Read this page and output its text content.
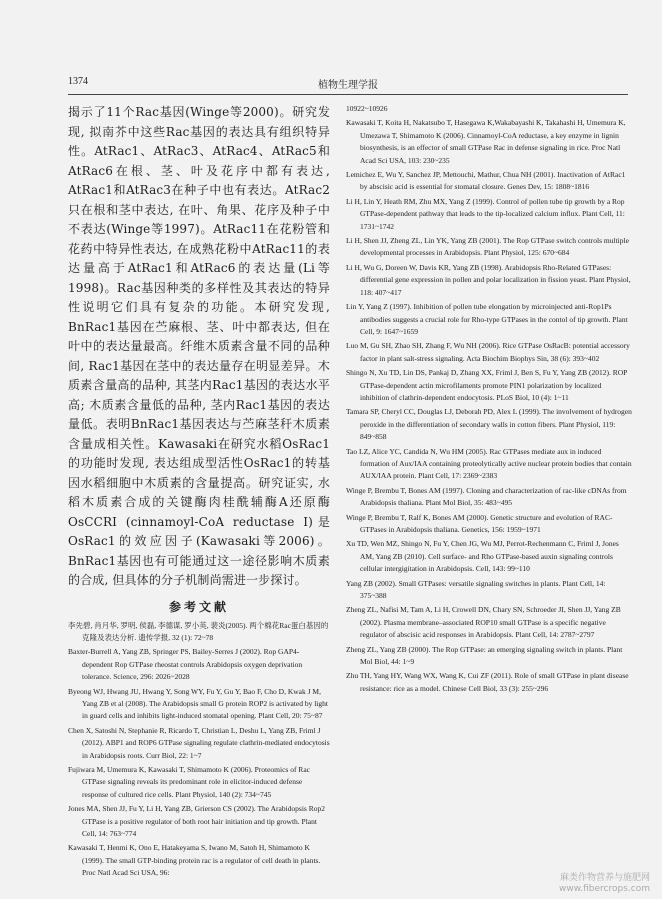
1374	植物生理学报

揭示了11个Rac基因(Winge等2000)。研究发现, 拟南芥中这些Rac基因的表达具有组织特异性。AtRac1、AtRac3、AtRac4、AtRac5和AtRac6在根、茎、叶及花序中都有表达, AtRac1和AtRac3在种子中也有表达。AtRac2只在根和茎中表达, 在叶、角果、花序及种子中不表达(Winge等1997)。AtRac11在花粉管和花药中特异性表达, 在成熟花粉中AtRac11的表达量高于AtRac1和AtRac6的表达量(Li等1998)。Rac基因种类的多样性及其表达的特异性说明它们具有复杂的功能。本研究发现, BnRac1基因在苎麻根、茎、叶中都表达, 但在叶中的表达量最高。纤维木质素含量不同的品种间, Rac1基因在茎中的表达量存在明显差异。木质素含量高的品种, 其茎内Rac1基因的表达水平高; 木质素含量低的品种, 茎内Rac1基因的表达量低。表明BnRac1基因表达与苎麻茎秆木质素含量成相关性。Kawasaki在研究水稻OsRac1的功能时发现, 表达组成型活性OsRac1的转基因水稻细胞中木质素的含量提高。研究证实, 水稻木质素合成的关键酶肉桂酰辅酶A还原酶OsCCRI (cinnamoyl-CoA reductase I)是OsRac1的效应因子(Kawasaki等2006)。BnRac1基因也有可能通过这一途径影响木质素的合成, 但具体的分子机制尚需进一步探讨。

参考文献

李先碧, 肖月华, 罗明, 侯磊, 李德谋, 罗小英, 裴炎(2005). 两个棉花Rac蛋白基因的克隆及表达分析. 遗传学报, 32 (1): 72~78

Baxter-Burrell A, Yang ZB, Springer PS, Bailey-Serres J (2002). Rop GAP4-dependent Rop GTPase rheostat controls Arabidopsis oxygen deprivation tolerance. Science, 296: 2026~2028

Byeong WJ, Hwang JU, Hwang Y, Song WY, Fu Y, Gu Y, Bao F, Cho D, Kwak J M, Yang ZB et al (2008). The Arabidopsis small G protein ROP2 is activated by light in guard cells and inhibits light-induced stomatal opening. Plant Cell, 20: 75~87

Chen X, Satoshi N, Stephanie R, Ricardo T, Christian L, Deshu L, Yang ZB, Friml J (2012). ABP1 and ROP6 GTPase signaling regulate clathrin-mediated endocytosis in Arabidopsis roots. Curr Biol, 22: 1~7

Fujiwara M, Umemura K, Kawasaki T, Shimamoto K (2006). Proteomics of Rac GTPase signaling reveals its predominant role in elicitor-induced defense response of cultured rice cells. Plant Physiol, 140 (2): 734~745

Jones MA, Shen JJ, Fu Y, Li H, Yang ZB, Grierson CS (2002). The Arabidopsis Rop2 GTPase is a positive regulator of both root hair initiation and tip growth. Plant Cell, 14: 763~774

Kawasaki T, Henmi K, Ono E, Hatakeyama S, Iwano M, Satoh H, Shimamoto K (1999). The small GTP-binding protein rac is a regulator of cell death in plants. Proc Natl Acad Sci USA, 96:

10922~10926

Kawasaki T, Koita H, Nakatsubo T, Hasegawa K,Wakabayashi K, Takahashi H, Umemura K, Umezawa T, Shimamoto K (2006). Cinnamoyl-CoA reductase, a key enzyme in lignin biosynthesis, is an effector of small GTPase Rac in defense signaling in rice. Proc Natl Acad Sci USA, 103: 230~235

Lemichez E, Wu Y, Sanchez JP, Mettouchi, Mathur, Chua NH (2001). Inactivation of AtRac1 by abscisic acid is essential for stomatal closure. Genes Dev, 15: 1808~1816

Li H, Lin Y, Heath RM, Zhu MX, Yang Z (1999). Control of pollen tube tip growth by a Rop GTPase-dependent pathway that leads to the tip-localized calcium influx. Plant Cell, 11: 1731~1742

Li H, Shen JJ, Zheng ZL, Lin YK, Yang ZB (2001). The Rop GTPase switch controls multiple developmental processes in Arabidopsis. Plant Physiol, 125: 670~684

Li H, Wu G, Doreen W, Davis KR, Yang ZB (1998). Arabidopsis Rho-Related GTPases: differential gene expression in pollen and polar localization in fission yeast. Plant Physiol, 118: 407~417

Lin Y, Yang Z (1997). Inhibition of pollen tube elongation by microinjected anti-Rop1Ps antibodies suggests a crucial role for Rho-type GTPases in the contol of tip growth. Plant Cell, 9: 1647~1659

Luo M, Gu SH, Zhao SH, Zhang F, Wu NH (2006). Rice GTPase OsRacB: potential accessory factor in plant salt-stress signaling. Acta Biochim Biophys Sin, 38 (6): 393~402

Shingo N, Xu TD, Lin DS, Pankaj D, Zhang XX, Friml J, Ben S, Fu Y, Yang ZB (2012). ROP GTPase-dependent actin microfilaments promote PIN1 polarization by localized inhibition of clathrin-dependent endocytosis. PLoS Biol, 10 (4): 1~11

Tamara SP, Cheryl CC, Douglas LJ, Deborah PD, Alex L (1999). The involvement of hydrogen peroxide in the differentiation of secondary walls in cotton fibers. Plant Physiol, 119: 849~858

Tao LZ, Alice YC, Candida N, Wu HM (2005). Rac GTPases mediate aux in induced formation of Aux/IAA containing proteolytically active nuclear protein bodies that contain AUX/IAA protein. Plant Cell, 17: 2369~2383

Winge P, Brembu T, Bones AM (1997). Cloning and characterization of rac-like cDNAs from Arabidopsis thaliana. Plant Mol Biol, 35: 483~495

Winge P, Brembu T, Ralf K, Bones AM (2000). Genetic structure and evolution of RAC-GTPases in Arabidopsis thaliana. Genetics, 156: 1959~1971

Xu TD, Wen MZ, Shingo N, Fu Y, Chen JG, Wu MJ, Perrot-Rechenmann C, Friml J, Jones AM, Yang ZB (2010). Cell surface- and Rho GTPase-based auxin signaling controls cellular intergigitation in Arabidopsis. Cell, 143: 99~110

Yang ZB (2002). Small GTPases: versatile signaling switches in plants. Plant Cell, 14: 375~388

Zheng ZL, Nafisi M, Tam A, Li H, Crowell DN, Chary SN, Schroeder JI, Shen JJ, Yang ZB (2002). Plasma membrane–associated ROP10 small GTPase is a specific negative regulator of abscisic acid responses in Arabidopsis. Plant Cell, 14: 2787~2797

Zheng ZL, Yang ZB (2000). The Rop GTPase: an emerging signaling switch in plants. Plant Mol Biol, 44: 1~9

Zhu TH, Yang HY, Wang WX, Wang K, Cui ZF (2011). Role of small GTPase in plant disease resistance: rice as a model. Chinese Cell Biol, 33 (3): 255~296

麻类作物营养与施肥网
www.fibercrops.com
